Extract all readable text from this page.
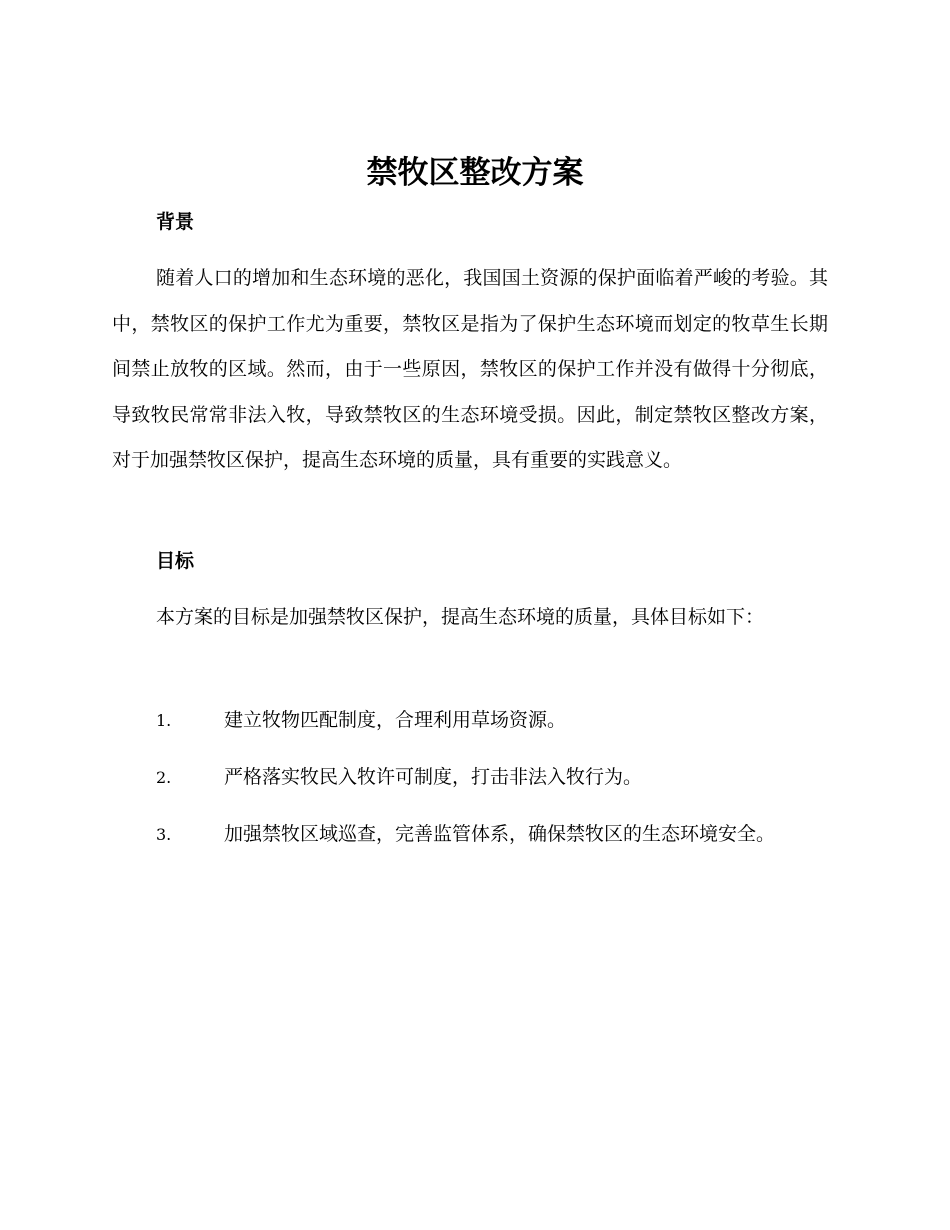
禁牧区整改方案
背景

随着人口的增加和生态环境的恶化，我国国土资源的保护面临着严峻的考验。其中，禁牧区的保护工作尤为重要，禁牧区是指为了保护生态环境而划定的牧草生长期间禁止放牧的区域。然而，由于一些原因，禁牧区的保护工作并没有做得十分彻底，导致牧民常常非法入牧，导致禁牧区的生态环境受损。因此，制定禁牧区整改方案，对于加强禁牧区保护，提高生态环境的质量，具有重要的实践意义。

目标

本方案的目标是加强禁牧区保护，提高生态环境的质量，具体目标如下：

1.	建立牧物匹配制度，合理利用草场资源。
2.	严格落实牧民入牧许可制度，打击非法入牧行为。
3.	加强禁牧区域巡查，完善监管体系，确保禁牧区的生态环境安全。
